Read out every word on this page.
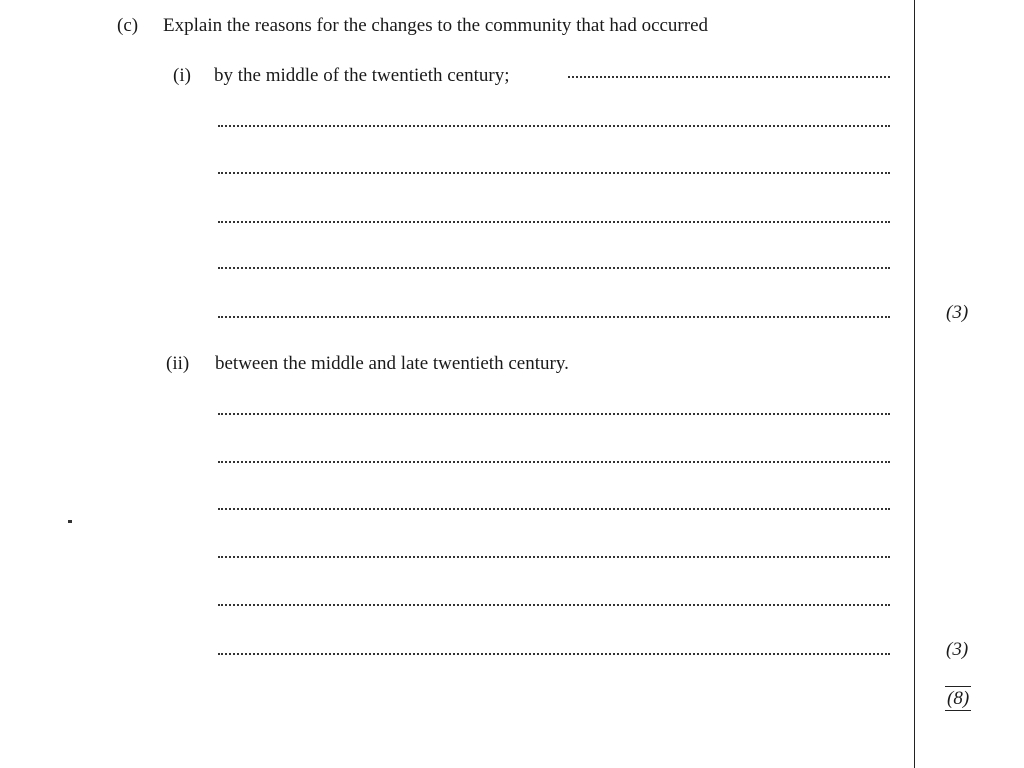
(c) Explain the reasons for the changes to the community that had occurred
(i) by the middle of the twentieth century;
(3)
(ii) between the middle and late twentieth century.
(3)
(8)
